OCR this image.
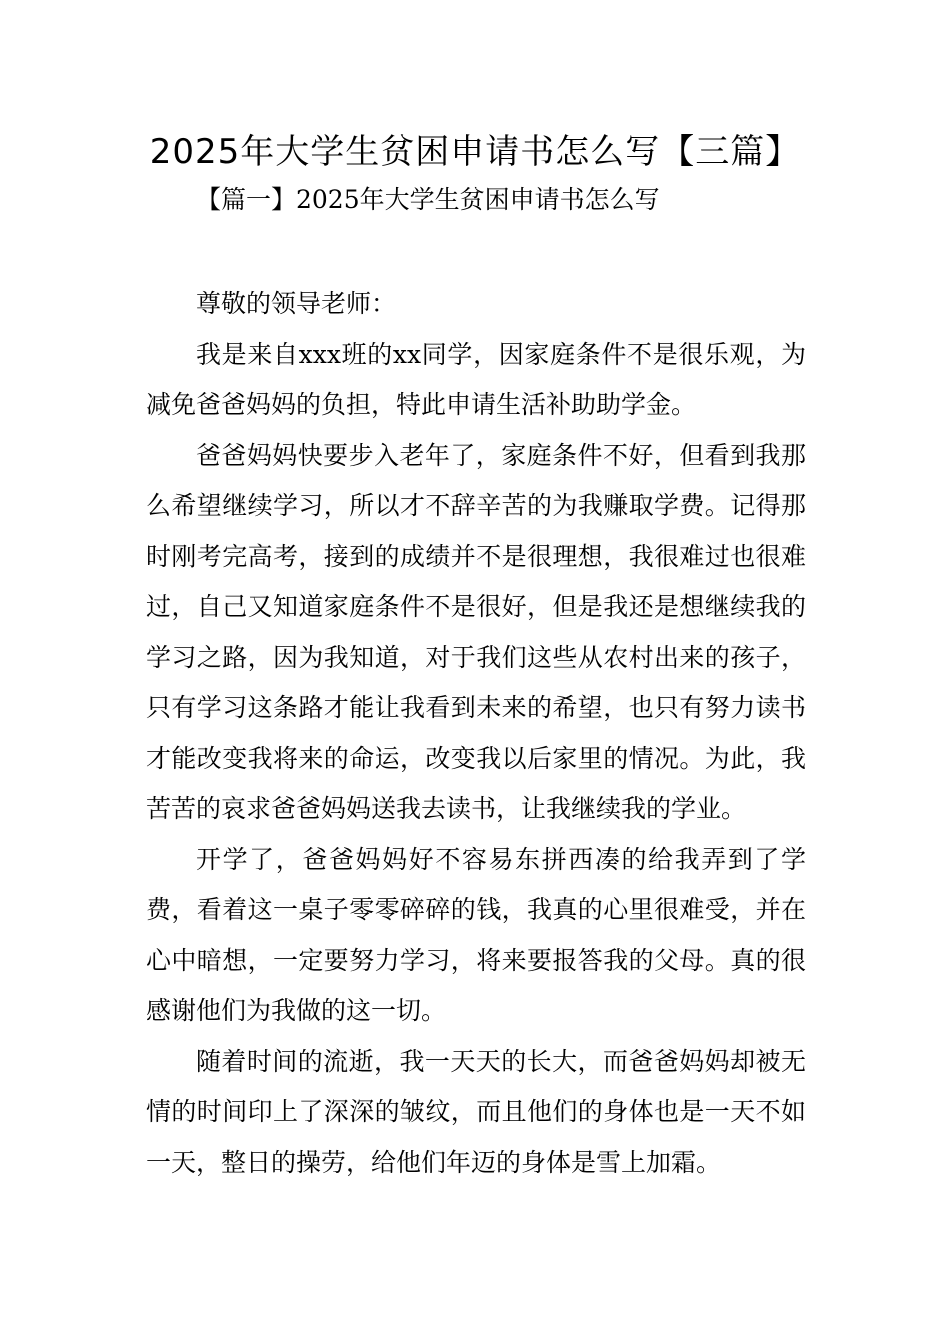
2025年大学生贫困申请书怎么写【三篇】
【篇一】2025年大学生贫困申请书怎么写

尊敬的领导老师：

我是来自xxx班的xx同学，因家庭条件不是很乐观，为减免爸爸妈妈的负担，特此申请生活补助助学金。

爸爸妈妈快要步入老年了，家庭条件不好，但看到我那么希望继续学习，所以才不辞辛苦的为我赚取学费。记得那时刚考完高考，接到的成绩并不是很理想，我很难过也很难过，自己又知道家庭条件不是很好，但是我还是想继续我的学习之路，因为我知道，对于我们这些从农村出来的孩子，只有学习这条路才能让我看到未来的希望，也只有努力读书才能改变我将来的命运，改变我以后家里的情况。为此，我苦苦的哀求爸爸妈妈送我去读书，让我继续我的学业。

开学了，爸爸妈妈好不容易东拼西凑的给我弄到了学费，看着这一桌子零零碎碎的钱，我真的心里很难受，并在心中暗想，一定要努力学习，将来要报答我的父母。真的很感谢他们为我做的这一切。

随着时间的流逝，我一天天的长大，而爸爸妈妈却被无情的时间印上了深深的皱纹，而且他们的身体也是一天不如一天，整日的操劳，给他们年迈的身体是雪上加霜。
